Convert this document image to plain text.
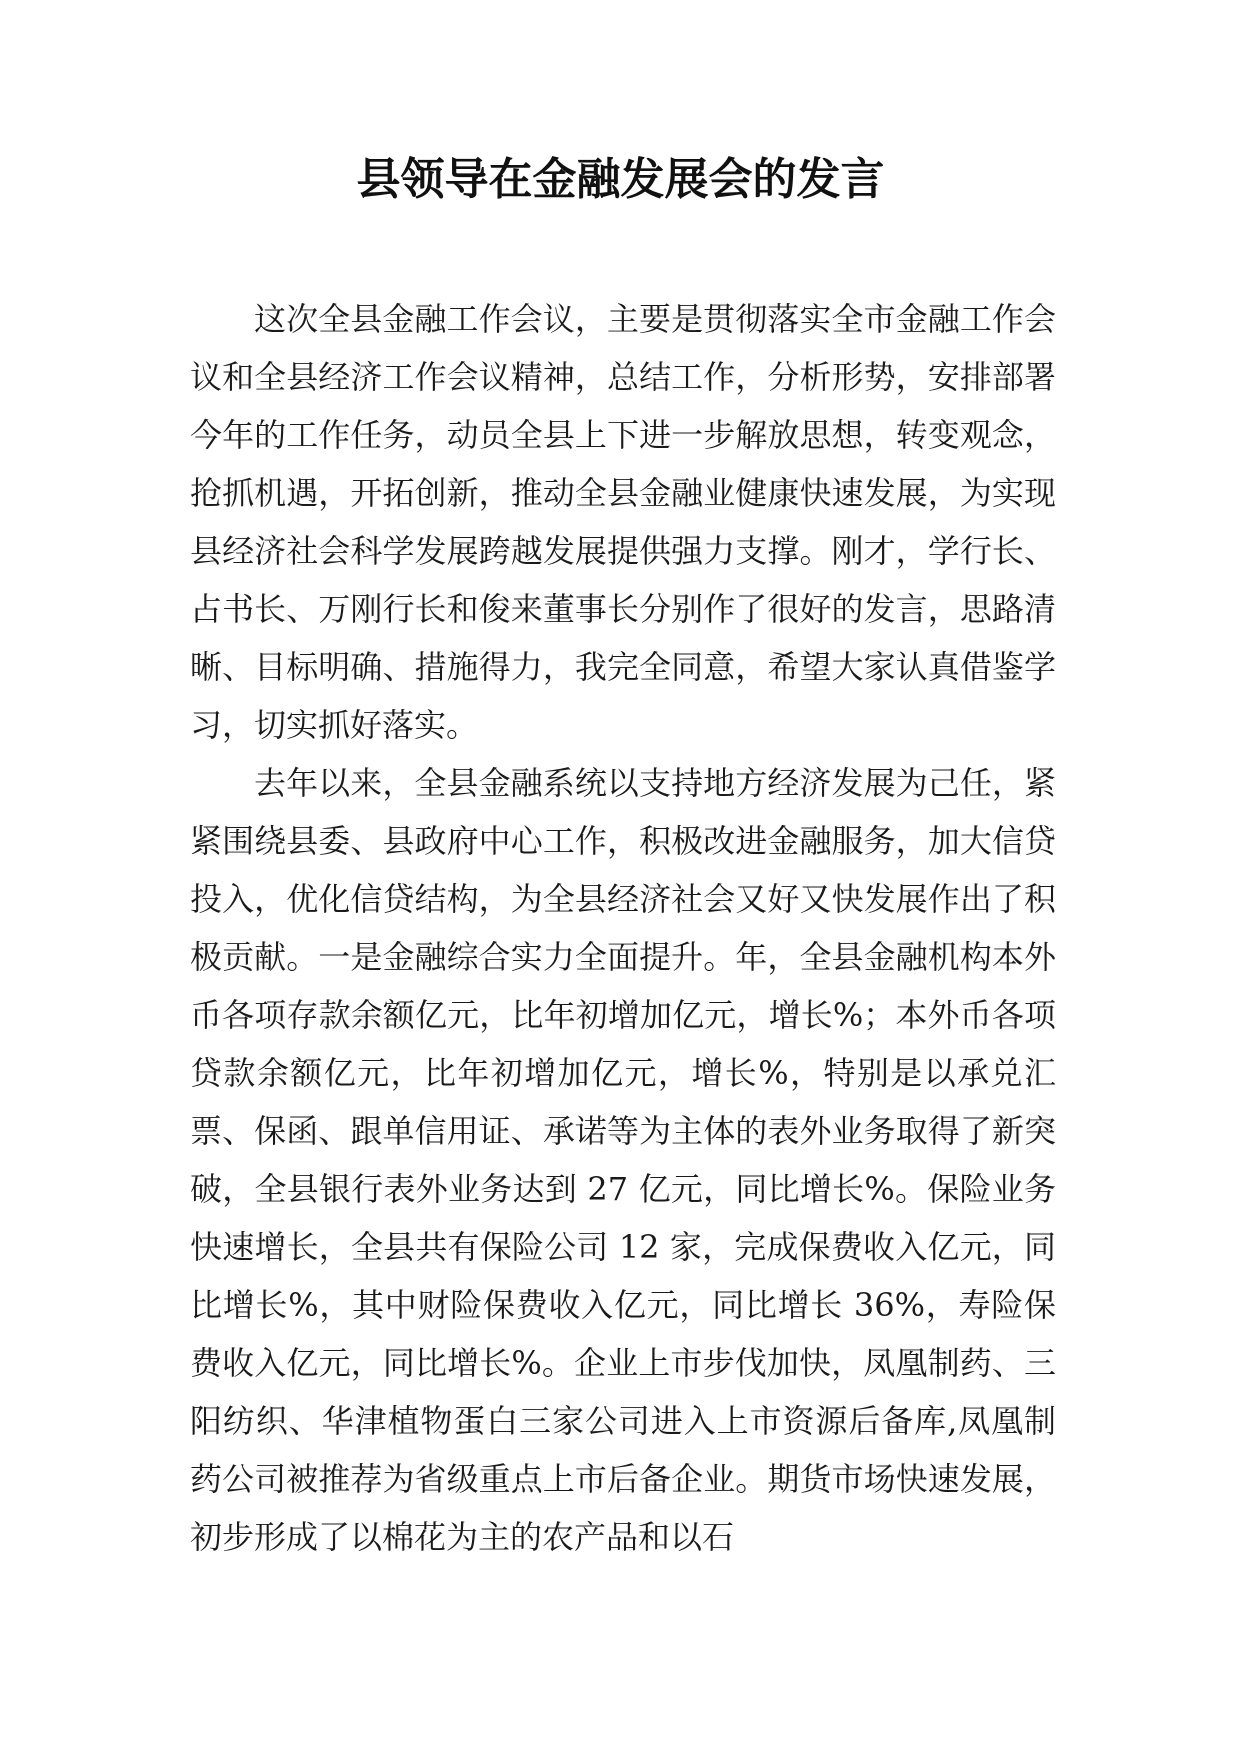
县领导在金融发展会的发言

这次全县金融工作会议，主要是贯彻落实全市金融工作会议和全县经济工作会议精神，总结工作，分析形势，安排部署今年的工作任务，动员全县上下进一步解放思想，转变观念，抢抓机遇，开拓创新，推动全县金融业健康快速发展，为实现县经济社会科学发展跨越发展提供强力支撑。刚才，学行长、占书长、万刚行长和俊来董事长分别作了很好的发言，思路清晰、目标明确、措施得力，我完全同意，希望大家认真借鉴学习，切实抓好落实。

去年以来，全县金融系统以支持地方经济发展为己任，紧紧围绕县委、县政府中心工作，积极改进金融服务，加大信贷投入，优化信贷结构，为全县经济社会又好又快发展作出了积极贡献。一是金融综合实力全面提升。年，全县金融机构本外币各项存款余额亿元，比年初增加亿元，增长%；本外币各项贷款余额亿元，比年初增加亿元，增长%，特别是以承兑汇票、保函、跟单信用证、承诺等为主体的表外业务取得了新突破，全县银行表外业务达到 27 亿元，同比增长%。保险业务快速增长，全县共有保险公司 12 家，完成保费收入亿元，同比增长%，其中财险保费收入亿元，同比增长 36%，寿险保费收入亿元，同比增长%。企业上市步伐加快，凤凰制药、三阳纺织、华津植物蛋白三家公司进入上市资源后备库,凤凰制药公司被推荐为省级重点上市后备企业。期货市场快速发展，初步形成了以棉花为主的农产品和以石
